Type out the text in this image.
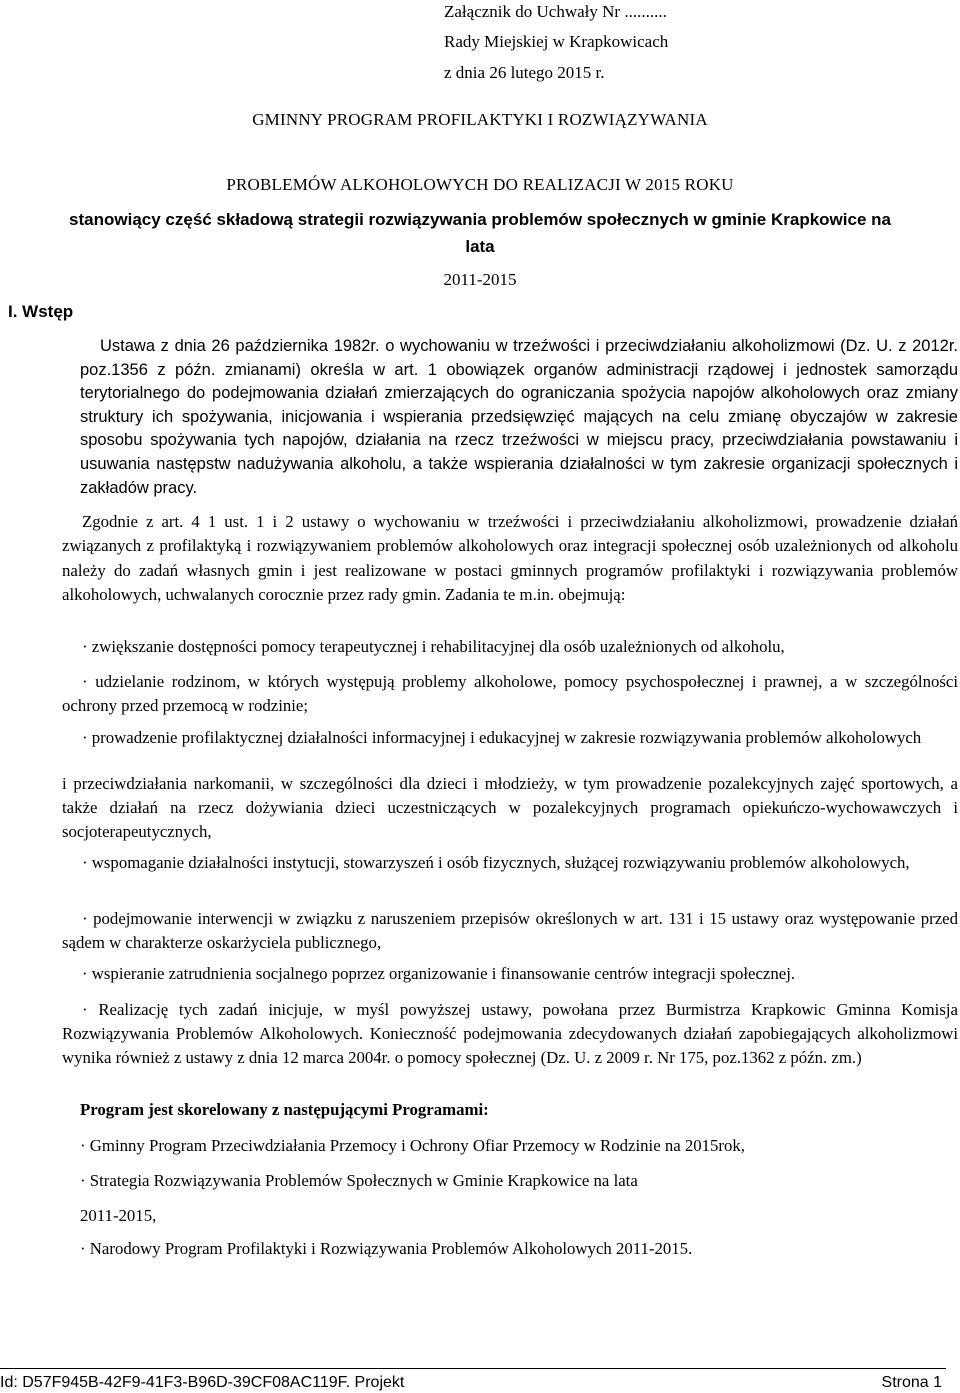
Załącznik do Uchwały Nr ..........
Rady Miejskiej w Krapkowicach
z dnia 26 lutego 2015 r.
GMINNY PROGRAM PROFILAKTYKI I ROZWIĄZYWANIA
PROBLEMÓW ALKOHOLOWYCH DO REALIZACJI W 2015 ROKU
stanowiący część składową strategii rozwiązywania problemów społecznych w gminie Krapkowice na
lata
2011-2015
I. Wstęp
Ustawa z dnia 26 października 1982r. o wychowaniu w trzeźwości i przeciwdziałaniu alkoholizmowi (Dz. U. z 2012r. poz.1356 z późn. zmianami) określa w art. 1 obowiązek organów administracji rządowej i jednostek samorządu terytorialnego do podejmowania działań zmierzających do ograniczania spożycia napojów alkoholowych oraz zmiany struktury ich spożywania, inicjowania i wspierania przedsięwzięć mających na celu zmianę obyczajów w zakresie sposobu spożywania tych napojów, działania na rzecz trzeźwości w miejscu pracy, przeciwdziałania powstawaniu i usuwania następstw nadużywania alkoholu, a także wspierania działalności w tym zakresie organizacji społecznych i zakładów pracy.
Zgodnie z art. 4 1 ust. 1 i 2 ustawy o wychowaniu w trzeźwości i przeciwdziałaniu alkoholizmowi, prowadzenie działań związanych z profilaktyką i rozwiązywaniem problemów alkoholowych oraz integracji społecznej osób uzależnionych od alkoholu należy do zadań własnych gmin i jest realizowane w postaci gminnych programów profilaktyki i rozwiązywania problemów alkoholowych, uchwalanych corocznie przez rady gmin. Zadania te m.in. obejmują:
· zwiększanie dostępności pomocy terapeutycznej i rehabilitacyjnej dla osób uzależnionych od alkoholu,
· udzielanie rodzinom, w których występują problemy alkoholowe, pomocy psychospołecznej i prawnej, a w szczególności ochrony przed przemocą w rodzinie;
· prowadzenie profilaktycznej działalności informacyjnej i edukacyjnej w zakresie rozwiązywania problemów alkoholowych
i przeciwdziałania narkomanii, w szczególności dla dzieci i młodzieży, w tym prowadzenie pozalekcyjnych zajęć sportowych, a także działań na rzecz dożywiania dzieci uczestniczących w pozalekcyjnych programach opiekuńczo-wychowawczych i socjoterapeutycznych,
· wspomaganie działalności instytucji, stowarzyszeń i osób fizycznych, służącej rozwiązywaniu problemów alkoholowych,
· podejmowanie interwencji w związku z naruszeniem przepisów określonych w art. 131 i 15 ustawy oraz występowanie przed sądem w charakterze oskarżyciela publicznego,
· wspieranie zatrudnienia socjalnego poprzez organizowanie i finansowanie centrów integracji społecznej.
· Realizację tych zadań inicjuje, w myśl powyższej ustawy, powołana przez Burmistrza Krapkowic Gminna Komisja Rozwiązywania Problemów Alkoholowych. Konieczność podejmowania zdecydowanych działań zapobiegających alkoholizmowi wynika również z ustawy z dnia 12 marca 2004r. o pomocy społecznej (Dz. U. z 2009 r. Nr 175, poz.1362 z późn. zm.)
Program jest skorelowany z następującymi Programami:
· Gminny Program Przeciwdziałania Przemocy i Ochrony Ofiar Przemocy w Rodzinie na 2015rok,
· Strategia Rozwiązywania Problemów Społecznych w Gminie Krapkowice na lata
2011-2015,
· Narodowy Program Profilaktyki i Rozwiązywania Problemów Alkoholowych 2011-2015.
Id: D57F945B-42F9-41F3-B96D-39CF08AC119F. Projekt	Strona 1
